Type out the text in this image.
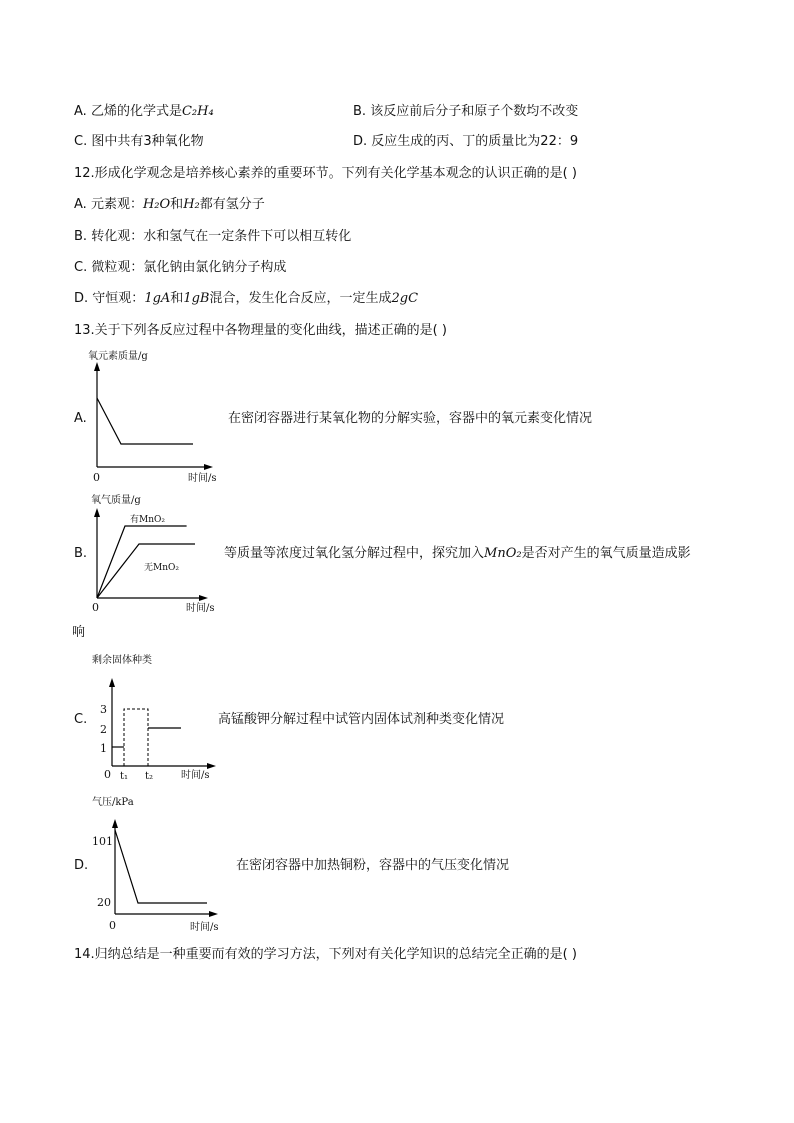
A. 乙烯的化学式是C₂H₄	B. 该反应前后分子和原子个数均不改变
C. 图中共有3种氧化物	D. 反应生成的丙、丁的质量比为22：9
12.形成化学观念是培养核心素养的重要环节。下列有关化学基本观念的认识正确的是( )
A. 元素观：H₂O和H₂都有氢分子
B. 转化观：水和氢气在一定条件下可以相互转化
C. 微粒观：氯化钠由氯化钠分子构成
D. 守恒观：1gA和1gB混合，发生化合反应，一定生成2gC
13.关于下列各反应过程中各物理量的变化曲线，描述正确的是( )
A.
氧元素质量/g
0	时间/s
在密闭容器进行某氧化物的分解实验，容器中的氧元素变化情况
B.
氧气质量/g
0	时间/s
有MnO₂
无MnO₂
等质量等浓度过氧化氢分解过程中，探究加入MnO₂是否对产生的氧气质量造成影
响
C.
剩余固体种类
0
1
2
3
t₁ t₂	时间/s
高锰酸钾分解过程中试管内固体试剂种类变化情况
D.
气压/kPa
0
101
20
时间/s
在密闭容器中加热铜粉，容器中的气压变化情况
14.归纳总结是一种重要而有效的学习方法，下列对有关化学知识的总结完全正确的是( )
